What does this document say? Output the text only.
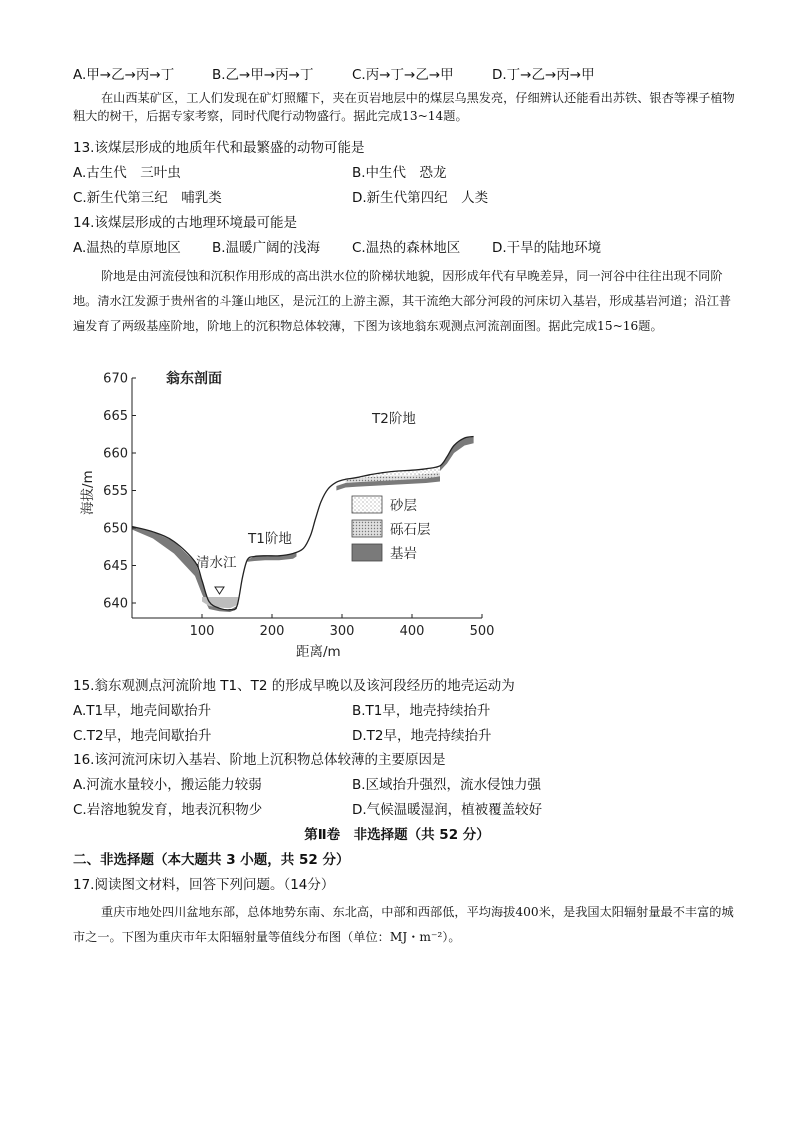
A.甲→乙→丙→丁	B.乙→甲→丙→丁	C.丙→丁→乙→甲	D.丁→乙→丙→甲
在山西某矿区，工人们发现在矿灯照耀下，夹在页岩地层中的煤层乌黑发亮，仔细辨认还能看出苏铁、银杏等裸子植物粗大的树干，后据专家考察，同时代爬行动物盛行。据此完成13~14题。
13.该煤层形成的地质年代和最繁盛的动物可能是
A.古生代　三叶虫	B.中生代　恐龙
C.新生代第三纪　哺乳类	D.新生代第四纪　人类
14.该煤层形成的古地理环境最可能是
A.温热的草原地区 B.温暖广阔的浅海 C.温热的森林地区 D.干旱的陆地环境
阶地是由河流侵蚀和沉积作用形成的高出洪水位的阶梯状地貌，因形成年代有早晚差异，同一河谷中往往出现不同阶地。清水江发源于贵州省的斗篷山地区，是沅江的上游主源，其干流绝大部分河段的河床切入基岩，形成基岩河道；沿江普遍发育了两级基座阶地，阶地上的沉积物总体较薄，下图为该地翁东观测点河流剖面图。据此完成15~16题。
100	200	300	400	500
640
645
650
655
660
665
670	翁东剖面
清水江
T1阶地
T2阶地
砂层
砾石层
基岩
距离/m
海拔/m
15.翁东观测点河流阶地 T1、T2 的形成早晚以及该河段经历的地壳运动为
A.T1早，地壳间歇抬升	B.T1早，地壳持续抬升
C.T2早，地壳间歇抬升	D.T2早，地壳持续抬升
16.该河流河床切入基岩、阶地上沉积物总体较薄的主要原因是
A.河流水量较小，搬运能力较弱	B.区域抬升强烈，流水侵蚀力强
C.岩溶地貌发育，地表沉积物少	D.气候温暖湿润，植被覆盖较好
第Ⅱ卷　非选择题（共 52 分）
二、非选择题（本大题共 3 小题，共 52 分）
17.阅读图文材料，回答下列问题。（14分）
重庆市地处四川盆地东部，总体地势东南、东北高，中部和西部低，平均海拔400米，是我国太阳辐射量最不丰富的城市之一。下图为重庆市年太阳辐射量等值线分布图（单位：MJ・m⁻²）。
